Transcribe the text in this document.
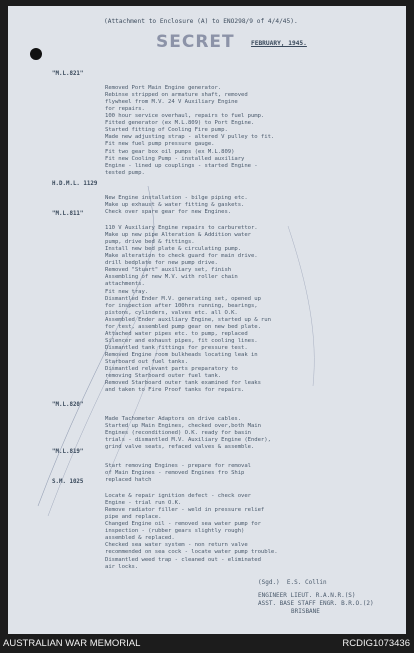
(Attachment to Enclosure (A) to ENO298/9 of 4/4/45).
SECRET	FEBRUARY, 1945.
"M.L.821"

Removed Port Main Engine generator.
Rebinse stripped on armature shaft, removed
flywheel from M.V. 24 V Auxiliary Engine
for repairs.
100 hour service overhaul, repairs to fuel pump.
Fitted generator (ex M.L.809) to Port Engine.
Started fitting of Cooling Fire pump.
Made new adjusting strap - altered V pulley to fit.
Fit new fuel pump pressure gauge.
Fit two gear box oil pumps (ex M.L.809)
Fit new Cooling Pump - installed auxiliary
Engine - lined up couplings - started Engine -
tested pump.

H.D.M.L. 1129

New Engine installation - bilge piping etc.
Make up exhaust & water fitting & gaskets.
Check over spare gear for new Engines.

"M.L.811"

110 V Auxiliary Engine repairs to carburettor.
Make up new pipe Alteration & Addition water
pump, drive bed & fittings.
Install new bed plate & circulating pump.
Make alteration to check guard for main drive.
drill bedplate for new pump drive.
Removed "Stuart" auxiliary set, finish
Assembling of new M.V. with roller chain
attachments.
Fit new tray.
Dismantled Ender M.V. generating set, opened up
for inspection after 100hrs running, bearings,
pistons, cylinders, valves etc. all O.K.
Assembled Ender auxiliary Engine, started up & run
for test, assembled pump gear on new bed plate.
Attached water pipes etc. to pump, replaced
Silencer and exhaust pipes, fit cooling lines.
Dismantled tank fittings for pressure test.
Removed Engine room bulkheads locating leak in
Starboard out fuel tanks.
Dismantled relevant parts preparatory to
removing Starboard outer fuel tank.
Removed Starboard outer tank examined for leaks
and taken to Fire Proof tanks for repairs.

"M.L.820"

Made Tachometer Adaptors on drive cables.
Started up Main Engines, checked over,both Main
Engines (reconditioned) O.K. ready for basin
trials - dismantled M.V. Auxiliary Engine (Ender),
grind valve seats, refaced valves & assemble.

"M.L.819"

Start removing Engines - prepare for removal
of Main Engines - removed Engines fro Ship
replaced hatch

S.M. 1025

Locate & repair ignition defect - check over
Engine - trial run O.K.
Remove radiator filler - weld in pressure relief
pipe and replace.
Changed Engine oil - removed sea water pump for
inspection - (rubber gears slightly rough)
assembled & replaced.
Checked sea water system - non return valve
recommended on sea cock - locate water pump trouble.
Dismantled weed trap - cleaned out - eliminated
air locks.

(Sgd.) E.S. Collin
ENGINEER LIEUT. R.A.N.R.(S)
ASST. BASE STAFF ENGR. B.R.O.(2)
BRISBANE
AUSTRALIAN WAR MEMORIAL	RCDIG1073436
